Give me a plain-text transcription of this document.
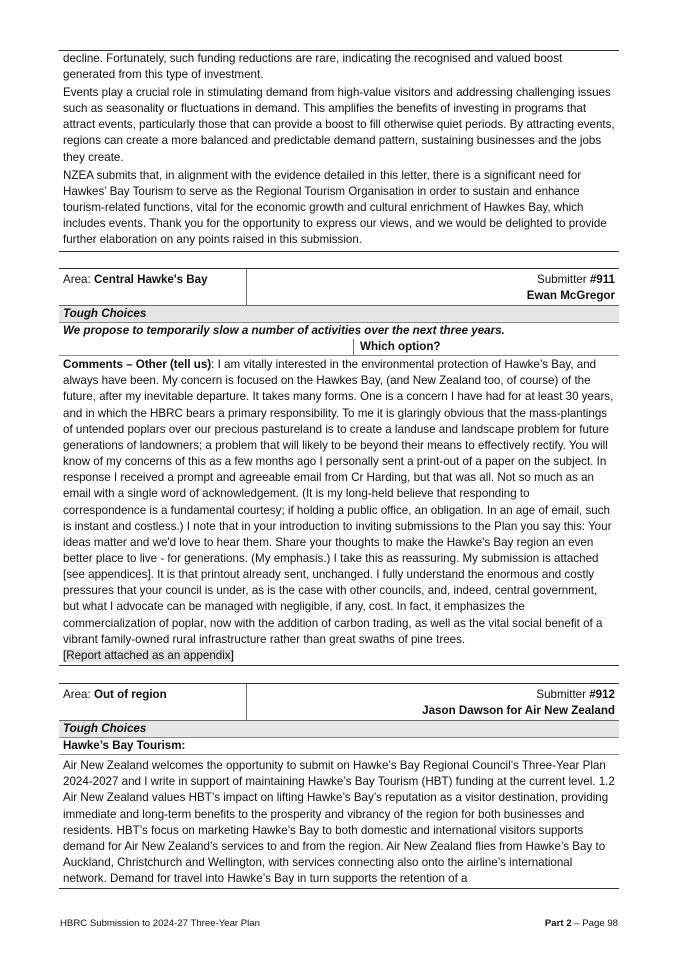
decline. Fortunately, such funding reductions are rare, indicating the recognised and valued boost generated from this type of investment.

Events play a crucial role in stimulating demand from high-value visitors and addressing challenging issues such as seasonality or fluctuations in demand. This amplifies the benefits of investing in programs that attract events, particularly those that can provide a boost to fill otherwise quiet periods. By attracting events, regions can create a more balanced and predictable demand pattern, sustaining businesses and the jobs they create.

NZEA submits that, in alignment with the evidence detailed in this letter, there is a significant need for Hawkes’ Bay Tourism to serve as the Regional Tourism Organisation in order to sustain and enhance tourism-related functions, vital for the economic growth and cultural enrichment of Hawkes Bay, which includes events. Thank you for the opportunity to express our views, and we would be delighted to provide further elaboration on any points raised in this submission.

Area: Central Hawke's Bay	Submitter #911
Ewan McGregor
Tough Choices
We propose to temporarily slow a number of activities over the next three years.
Which option?

Comments – Other (tell us): I am vitally interested in the environmental protection of Hawke’s Bay, and always have been. My concern is focused on the Hawkes Bay, (and New Zealand too, of course) of the future, after my inevitable departure. It takes many forms. One is a concern I have had for at least 30 years, and in which the HBRC bears a primary responsibility. To me it is glaringly obvious that the mass-plantings of untended poplars over our precious pastureland is to create a landuse and landscape problem for future generations of landowners; a problem that will likely to be beyond their means to effectively rectify. You will know of my concerns of this as a few months ago I personally sent a print-out of a paper on the subject. In response I received a prompt and agreeable email from Cr Harding, but that was all. Not so much as an email with a single word of acknowledgement. (It is my long-held believe that responding to correspondence is a fundamental courtesy; if holding a public office, an obligation. In an age of email, such is instant and costless.) I note that in your introduction to inviting submissions to the Plan you say this: Your ideas matter and we'd love to hear them. Share your thoughts to make the Hawke's Bay region an even better place to live - for generations. (My emphasis.) I take this as reassuring. My submission is attached [see appendices]. It is that printout already sent, unchanged. I fully understand the enormous and costly pressures that your council is under, as is the case with other councils, and, indeed, central government, but what I advocate can be managed with negligible, if any, cost. In fact, it emphasizes the commercialization of poplar, now with the addition of carbon trading, as well as the vital social benefit of a vibrant family-owned rural infrastructure rather than great swaths of pine trees.
[Report attached as an appendix]

Area: Out of region	Submitter #912
Jason Dawson for Air New Zealand
Tough Choices
Hawke’s Bay Tourism:

Air New Zealand welcomes the opportunity to submit on Hawke’s Bay Regional Council’s Three-Year Plan 2024-2027 and I write in support of maintaining Hawke’s Bay Tourism (HBT) funding at the current level. 1.2 Air New Zealand values HBT’s impact on lifting Hawke’s Bay’s reputation as a visitor destination, providing immediate and long-term benefits to the prosperity and vibrancy of the region for both businesses and residents. HBT’s focus on marketing Hawke’s Bay to both domestic and international visitors supports demand for Air New Zealand’s services to and from the region. Air New Zealand flies from Hawke’s Bay to Auckland, Christchurch and Wellington, with services connecting also onto the airline’s international network. Demand for travel into Hawke’s Bay in turn supports the retention of a

HBRC Submission to 2024-27 Three-Year Plan	Part 2 – Page 98
